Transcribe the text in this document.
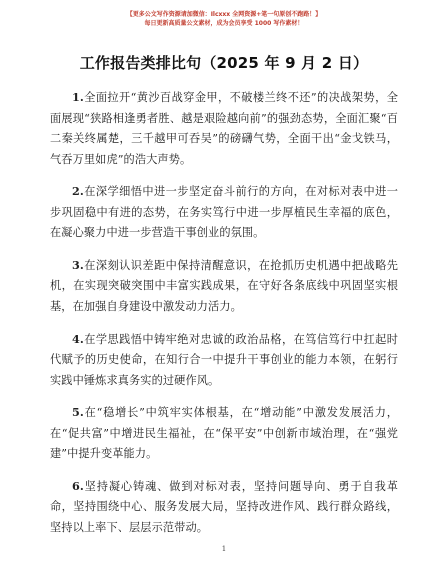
【更多公文写作资源请加微信：Ilcxxx 全网资源+笔一句原创不跑路！】
每日更新高质量公文素材，成为会员享受 1000 写作素材！
工作报告类排比句（2025 年 9 月 2 日）

1.全面拉开“黄沙百战穿金甲，不破楼兰终不还”的决战架势，全面展现“狭路相逢勇者胜、越是艰险越向前”的强劲态势，全面汇聚“百二秦关终属楚，三千越甲可吞吴”的磅礴气势，全面干出“金戈铁马，气吞万里如虎”的浩大声势。

2.在深学细悟中进一步坚定奋斗前行的方向，在对标对表中进一步巩固稳中有进的态势，在务实笃行中进一步厚植民生幸福的底色，在凝心聚力中进一步营造干事创业的氛围。

3.在深刻认识差距中保持清醒意识，在抢抓历史机遇中把战略先机，在实现突破突围中丰富实践成果，在守好各条底线中巩固坚实根基，在加强自身建设中激发动力活力。

4.在学思践悟中铸牢绝对忠诚的政治品格，在笃信笃行中扛起时代赋予的历史使命，在知行合一中提升干事创业的能力本领，在躬行实践中锤炼求真务实的过硬作风。

5.在“稳增长”中筑牢实体根基，在“增动能”中激发发展活力，在“促共富”中增进民生福祉，在“保平安”中创新市域治理，在“强党建”中提升变革能力。

6.坚持凝心铸魂、做到对标对表，坚持问题导向、勇于自我革命，坚持围绕中心、服务发展大局，坚持改进作风、践行群众路线，坚持以上率下、层层示范带动。

1
